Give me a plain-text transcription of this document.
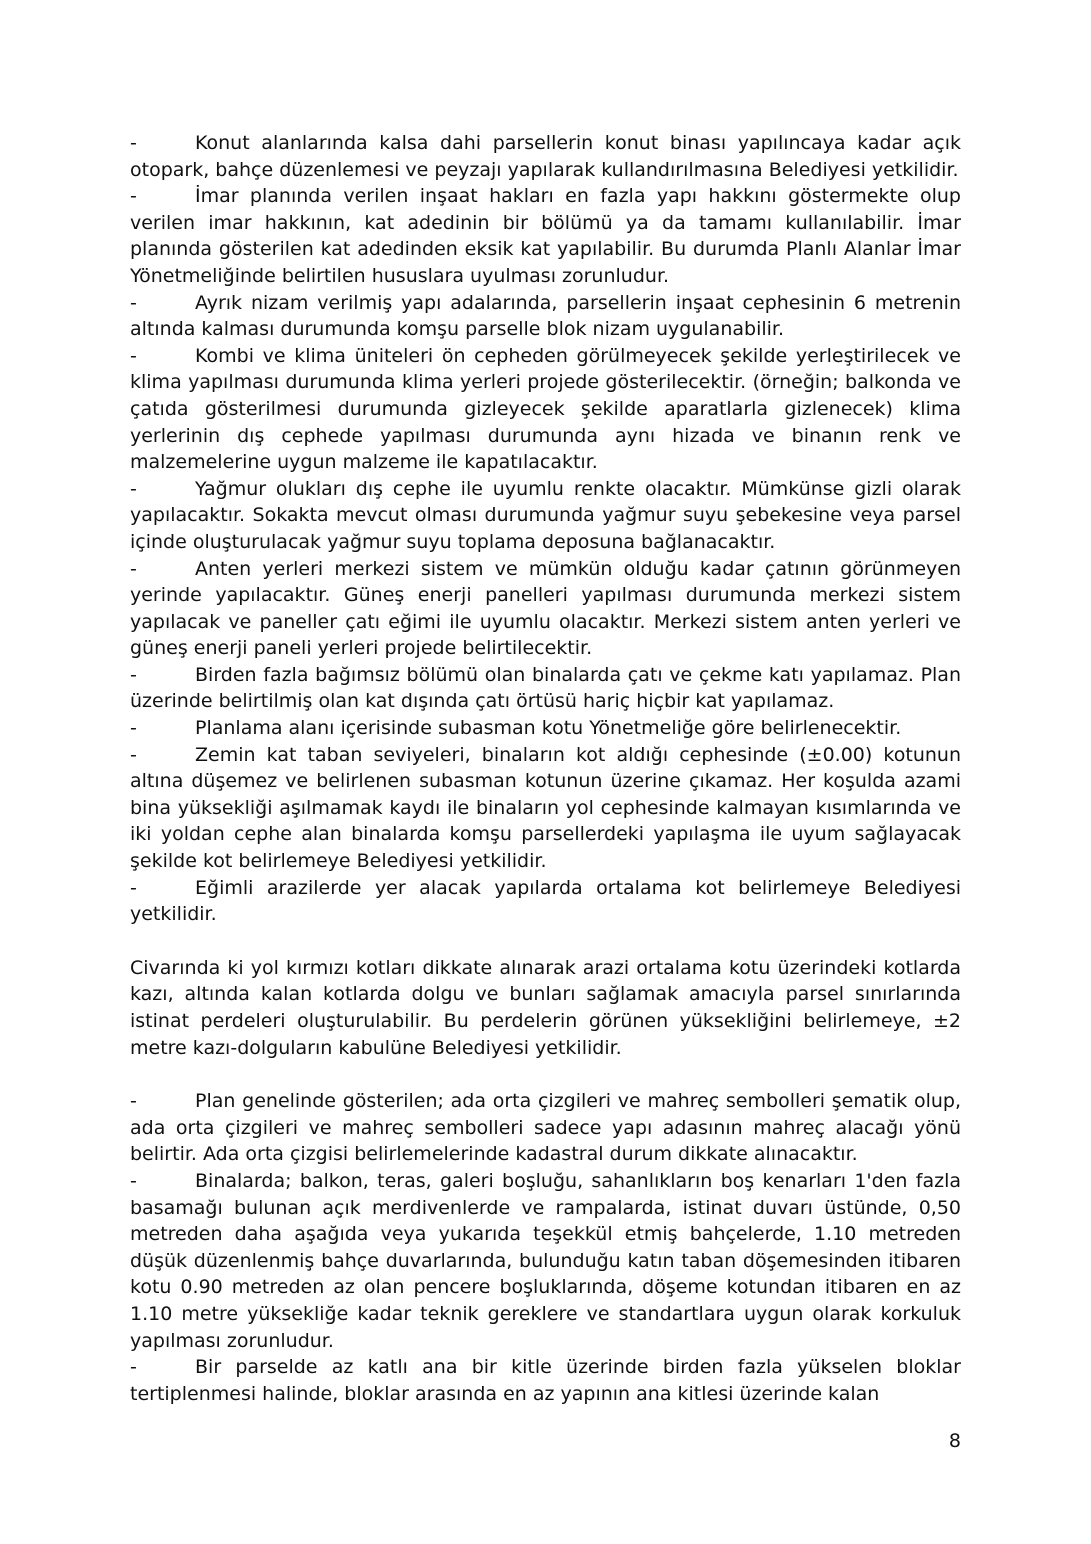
-	Konut alanlarında kalsa dahi parsellerin konut binası yapılıncaya kadar açık otopark, bahçe düzenlemesi ve peyzajı yapılarak kullandırılmasına Belediyesi yetkilidir.

-	İmar planında verilen inşaat hakları en fazla yapı hakkını göstermekte olup verilen imar hakkının, kat adedinin bir bölümü ya da tamamı kullanılabilir. İmar planında gösterilen kat adedinden eksik kat yapılabilir. Bu durumda Planlı Alanlar İmar Yönetmeliğinde belirtilen hususlara uyulması zorunludur.

-	Ayrık nizam verilmiş yapı adalarında, parsellerin inşaat cephesinin 6 metrenin altında kalması durumunda komşu parselle blok nizam uygulanabilir.

-	Kombi ve klima üniteleri ön cepheden görülmeyecek şekilde yerleştirilecek ve klima yapılması durumunda klima yerleri projede gösterilecektir. (örneğin; balkonda ve çatıda gösterilmesi durumunda gizleyecek şekilde aparatlarla gizlenecek) klima yerlerinin dış cephede yapılması durumunda aynı hizada ve binanın renk ve malzemelerine uygun malzeme ile kapatılacaktır.

-	Yağmur olukları dış cephe ile uyumlu renkte olacaktır. Mümkünse gizli olarak yapılacaktır. Sokakta mevcut olması durumunda yağmur suyu şebekesine veya parsel içinde oluşturulacak yağmur suyu toplama deposuna bağlanacaktır.

-	Anten yerleri merkezi sistem ve mümkün olduğu kadar çatının görünmeyen yerinde yapılacaktır. Güneş enerji panelleri yapılması durumunda merkezi sistem yapılacak ve paneller çatı eğimi ile uyumlu olacaktır. Merkezi sistem anten yerleri ve güneş enerji paneli yerleri projede belirtilecektir.

-	Birden fazla bağımsız bölümü olan binalarda çatı ve çekme katı yapılamaz. Plan üzerinde belirtilmiş olan kat dışında çatı örtüsü hariç hiçbir kat yapılamaz.

-	Planlama alanı içerisinde subasman kotu Yönetmeliğe göre belirlenecektir.

-	Zemin kat taban seviyeleri, binaların kot aldığı cephesinde (±0.00) kotunun altına düşemez ve belirlenen subasman kotunun üzerine çıkamaz. Her koşulda azami bina yüksekliği aşılmamak kaydı ile binaların yol cephesinde kalmayan kısımlarında ve iki yoldan cephe alan binalarda komşu parsellerdeki yapılaşma ile uyum sağlayacak şekilde kot belirlemeye Belediyesi yetkilidir.

-	Eğimli arazilerde yer alacak yapılarda ortalama kot belirlemeye Belediyesi yetkilidir.

Civarında ki yol kırmızı kotları dikkate alınarak arazi ortalama kotu üzerindeki kotlarda kazı, altında kalan kotlarda dolgu ve bunları sağlamak amacıyla parsel sınırlarında istinat perdeleri oluşturulabilir. Bu perdelerin görünen yüksekliğini belirlemeye, ±2 metre kazı-dolguların kabulüne Belediyesi yetkilidir.

-	Plan genelinde gösterilen; ada orta çizgileri ve mahreç sembolleri şematik olup, ada orta çizgileri ve mahreç sembolleri sadece yapı adasının mahreç alacağı yönü belirtir. Ada orta çizgisi belirlemelerinde kadastral durum dikkate alınacaktır.

-	Binalarda; balkon, teras, galeri boşluğu, sahanlıkların boş kenarları 1'den fazla basamağı bulunan açık merdivenlerde ve rampalarda, istinat duvarı üstünde, 0,50 metreden daha aşağıda veya yukarıda teşekkül etmiş bahçelerde, 1.10 metreden düşük düzenlenmiş bahçe duvarlarında, bulunduğu katın taban döşemesinden itibaren kotu 0.90 metreden az olan pencere boşluklarında, döşeme kotundan itibaren en az 1.10 metre yüksekliğe kadar teknik gereklere ve standartlara uygun olarak korkuluk yapılması zorunludur.

-	Bir parselde az katlı ana bir kitle üzerinde birden fazla yükselen bloklar tertiplenmesi halinde, bloklar arasında en az yapının ana kitlesi üzerinde kalan

8
